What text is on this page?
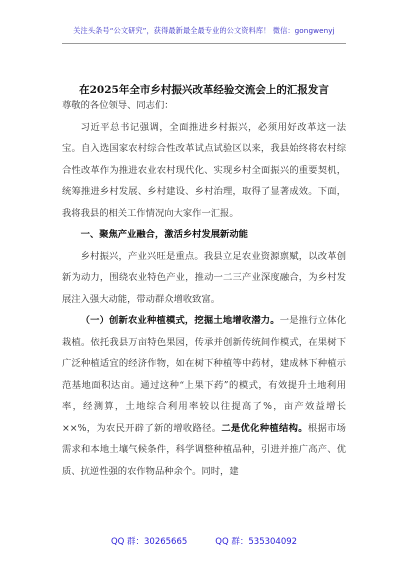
关注头条号“公文研究”，获得最新最全最专业的公文资料库！ 微信：gongwenyj
在2025年全市乡村振兴改革经验交流会上的汇报发言

尊敬的各位领导、同志们：

习近平总书记强调，全面推进乡村振兴，必须用好改革这一法宝。自入选国家农村综合性改革试点试验区以来，我县始终将农村综合性改革作为推进农业农村现代化、实现乡村全面振兴的重要契机，统筹推进乡村发展、乡村建设、乡村治理，取得了显著成效。下面，我将我县的相关工作情况向大家作一汇报。

一、聚焦产业融合，激活乡村发展新动能

乡村振兴，产业兴旺是重点。我县立足农业资源禀赋，以改革创新为动力，围绕农业特色产业，推动一二三产业深度融合，为乡村发展注入强大动能，带动群众增收致富。

（一）创新农业种植模式，挖掘土地增收潜力。一是推行立体化栽植。依托我县万亩特色果园，传承并创新传统间作模式，在果树下广泛种植适宜的经济作物，如在树下种植等中药材，建成林下种植示范基地面积达亩。通过这种“上果下药”的模式，有效提升土地利用率，经测算，土地综合利用率较以往提高了%，亩产效益增长××%，为农民开辟了新的增收路径。二是优化种植结构。根据市场需求和本地土壤气候条件，科学调整种植品种，引进并推广高产、优质、抗逆性强的农作物品种余个。同时，建

QQ 群：30265665	QQ 群：535304092
